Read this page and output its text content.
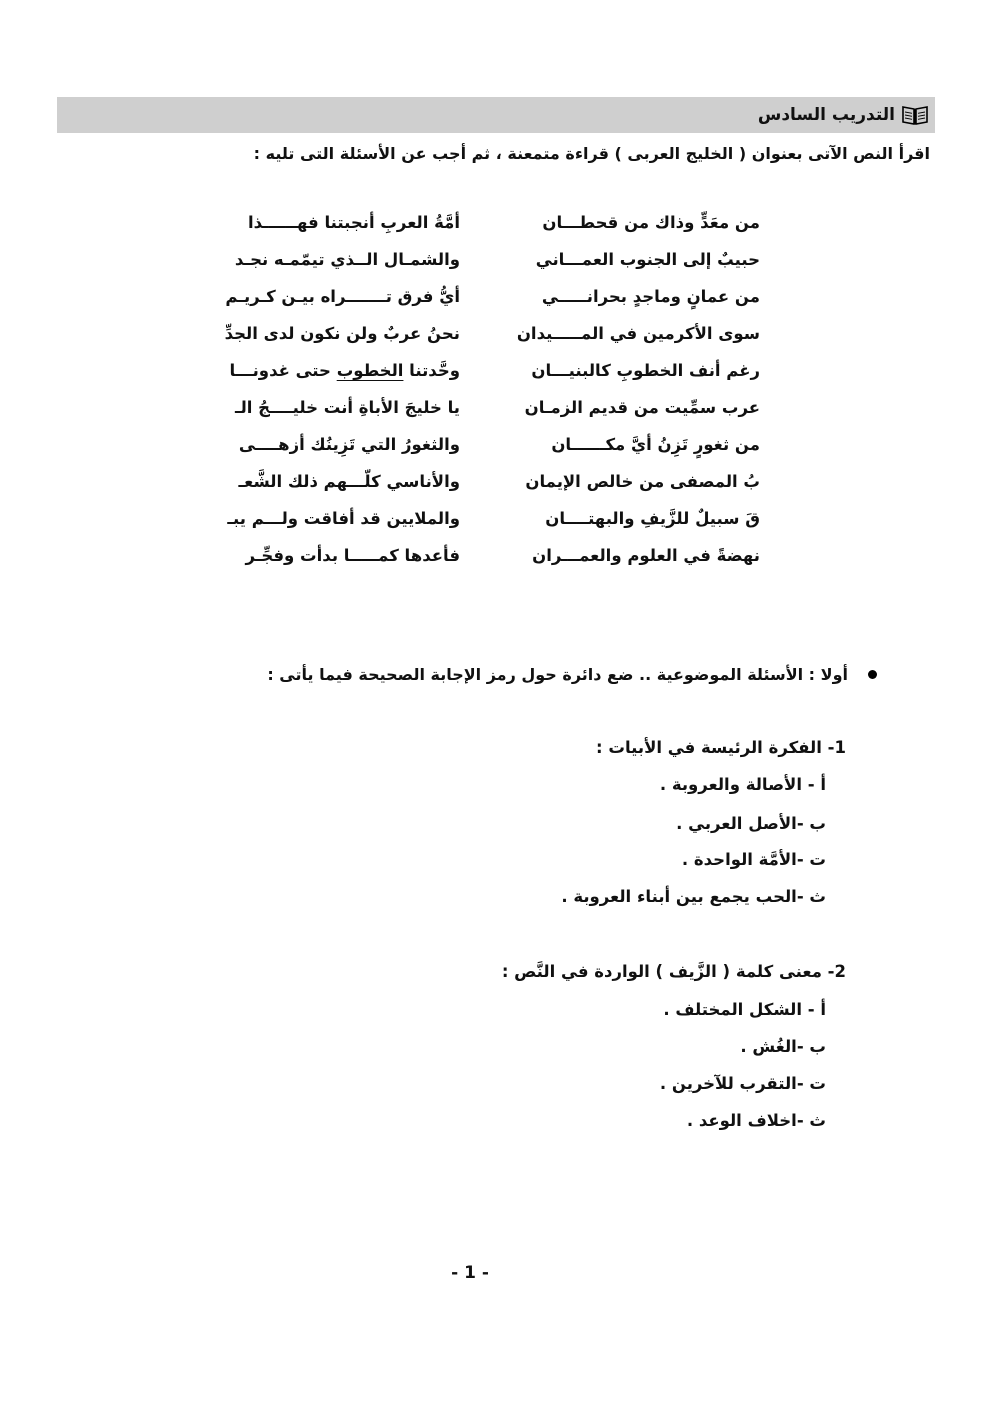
التدريب السادس
اقرأ النص الآتى بعنوان ( الخليج العربى ) قراءة متمعنة ، ثم أجب عن الأسئلة التى تليه :
أمَّةُ العربِ أنجبتنا فهــــــذا	من معَدٍّ وذاك من قحطـــان
والشمـال الــذي تيمّمـه نجـد	حبيبٌ إلى الجنوب العمـــاني
أيُّ فرق تـــــــراه بيـن كـريـم	من عمانٍ وماجدٍ بحرانـــــي
نحنُ عربٌ ولن نكون لدى الجدِّ	سوى الأكرمين في المـــــيدان
وحَّدتنا الخطوب حتى غدونـــا	رغم أنف الخطوبِ كالبنيـــان
يا خليجَ الأباةِ أنت خليــــجُ الـ	عرب سمِّيت من قديم الزمـان
والثغورُ التي تَزِينُك أزهــــى	من ثغورٍ تَزِنُ أيَّ مكــــــان
والأناسي كلّـــهم ذلك الشَّعـ	بُ المصفى من خالص الإيمان
والملايين قد أفاقت ولـــم يبـ	قَ سبيلٌ للزَّيفِ والبهتــــان
فأعدها كمـــــا بدأت وفجِّـر	نهضةً في العلوم والعمـــران
أولا : الأسئلة الموضوعية .. ضع دائرة حول رمز الإجابة الصحيحة فيما يأتى :
1- الفكرة الرئيسة في الأبيات :
أ - الأصالة والعروبة .
ب -الأصل العربي .
ت -الأمَّة الواحدة .
ث -الحب يجمع بين أبناء العروبة .
2- معنى كلمة ( الزَّيف ) الواردة في النَّص :
أ - الشكل المختلف .
ب -الغُش .
ت -التقرب للآخرين .
ث -اخلاف الوعد .
- 1 -
